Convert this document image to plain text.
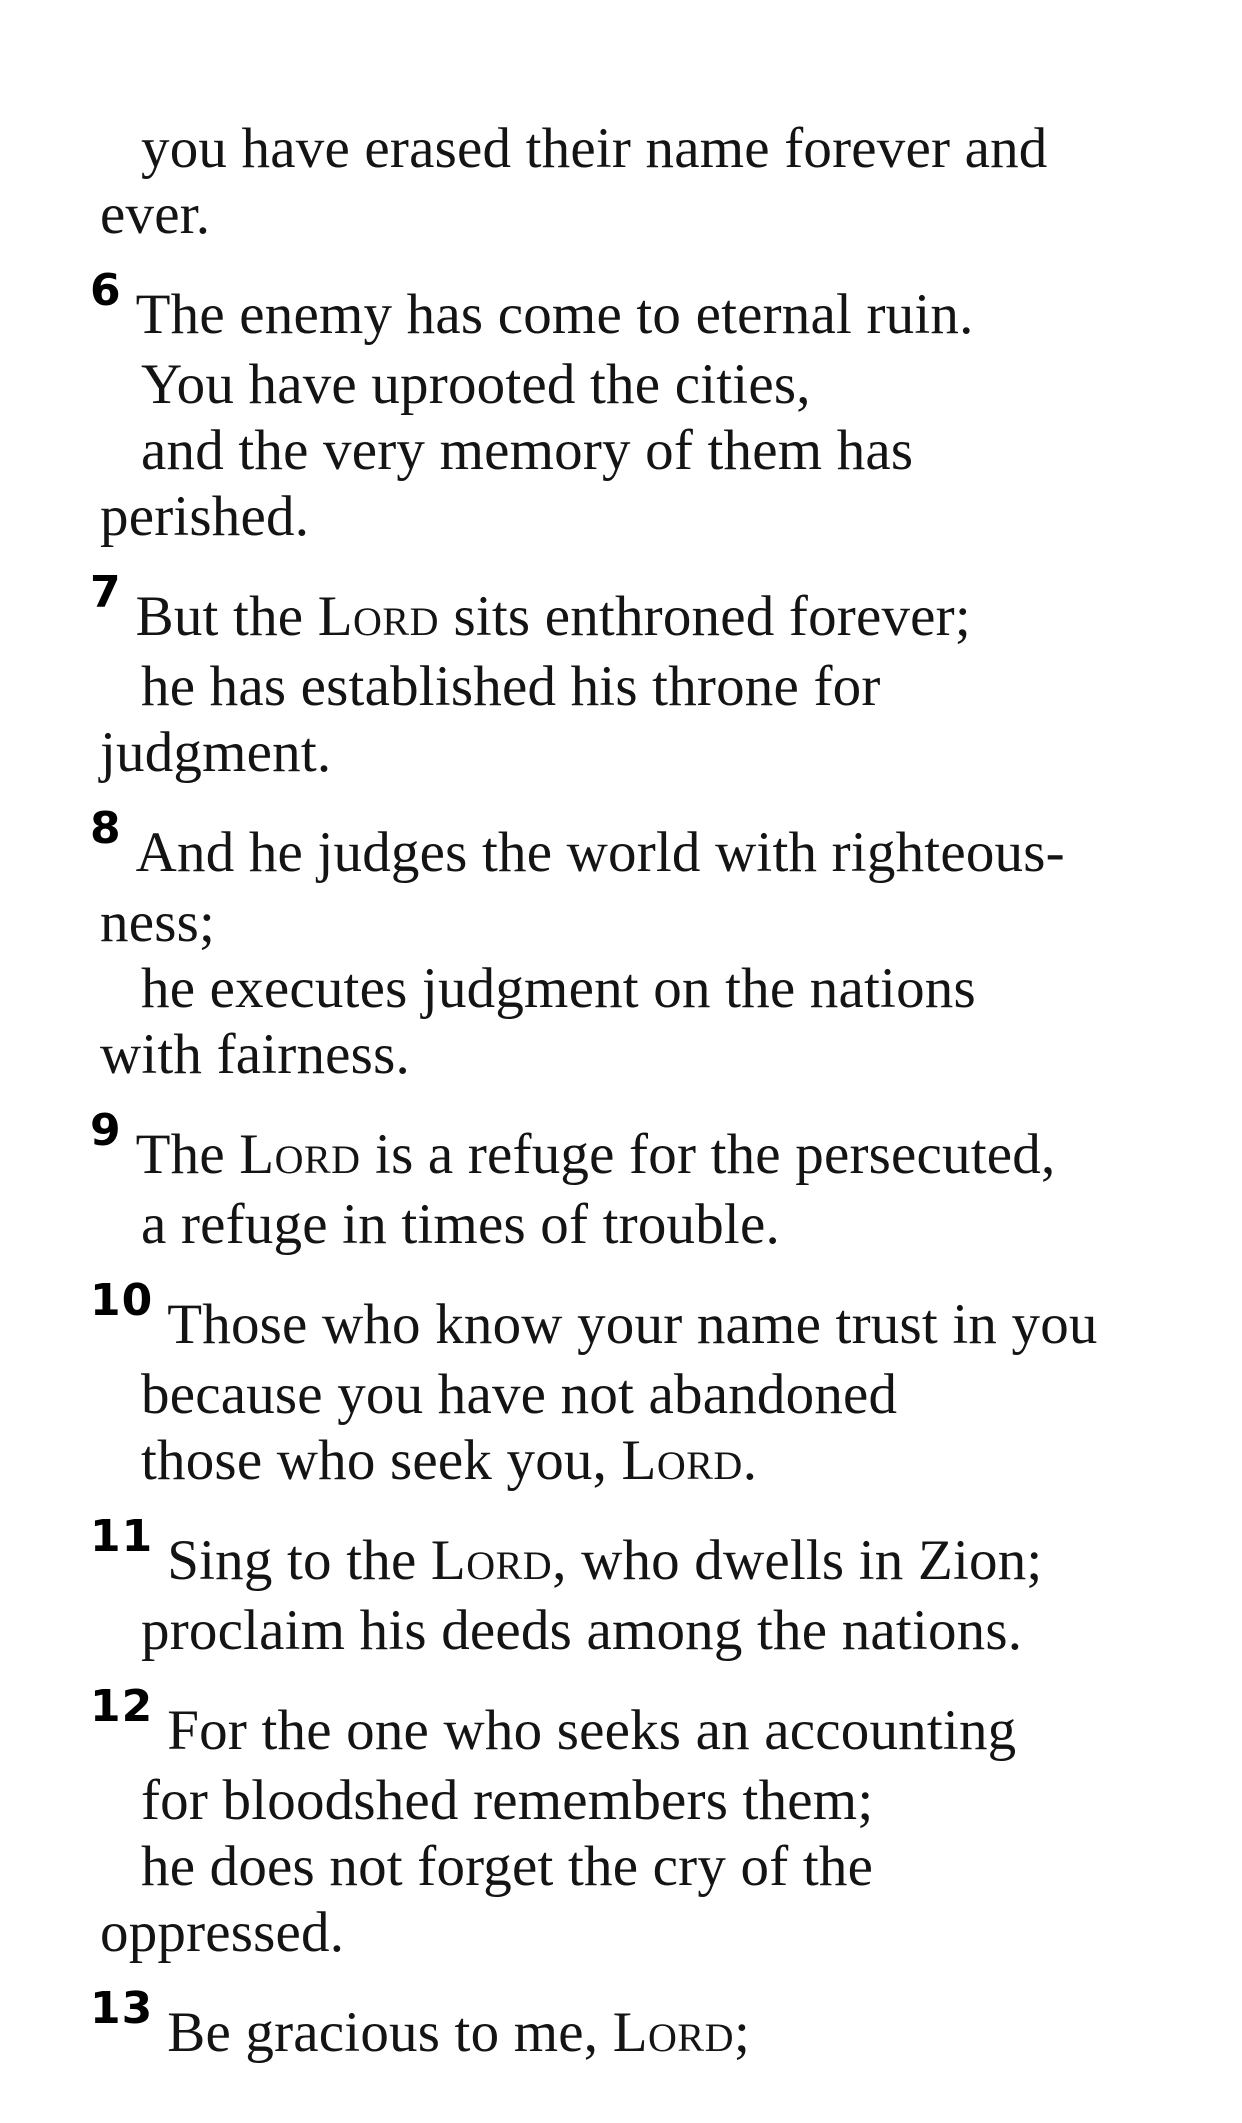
you have erased their name forever and
ever.
$^6$ The enemy has come to eternal ruin.
You have uprooted the cities,
and the very memory of them has
perished.
$^7$ But the Lord sits enthroned forever;
he has established his throne for
judgment.
$^8$ And he judges the world with righteous-
ness;
he executes judgment on the nations
with fairness.
$^9$ The Lord is a refuge for the persecuted,
a refuge in times of trouble.
$^{10}$ Those who know your name trust in you
because you have not abandoned
those who seek you, Lord.
$^{11}$ Sing to the Lord, who dwells in Zion;
proclaim his deeds among the nations.
$^{12}$ For the one who seeks an accounting
for bloodshed remembers them;
he does not forget the cry of the
oppressed.
$^{13}$ Be gracious to me, Lord;
